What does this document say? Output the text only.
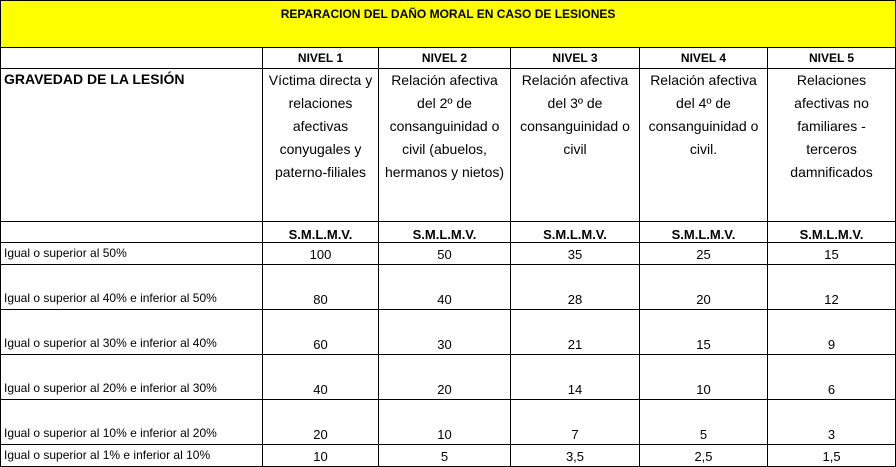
REPARACION DEL DAÑO MORAL EN CASO DE LESIONES					
	NIVEL 1	NIVEL 2	NIVEL 3	NIVEL 4	NIVEL 5
GRAVEDAD DE LA LESIÓN	Víctima directa y relaciones afectivas conyugales y paterno-filiales	Relación afectiva del 2º de consanguinidad o civil (abuelos, hermanos y nietos)	Relación afectiva del 3º de consanguinidad o civil	Relación afectiva del 4º de consanguinidad o civil.	Relaciones afectivas no familiares - terceros damnificados
	S.M.L.M.V.	S.M.L.M.V.	S.M.L.M.V.	S.M.L.M.V.	S.M.L.M.V.
Igual o superior al 50%	100	50	35	25	15
Igual o superior al 40% e inferior al 50%	80	40	28	20	12
Igual o superior al 30% e inferior al 40%	60	30	21	15	9
Igual o superior al 20% e inferior al 30%	40	20	14	10	6
Igual o superior al 10% e inferior al 20%	20	10	7	5	3
Igual o superior al 1% e inferior al 10%	10	5	3,5	2,5	1,5
